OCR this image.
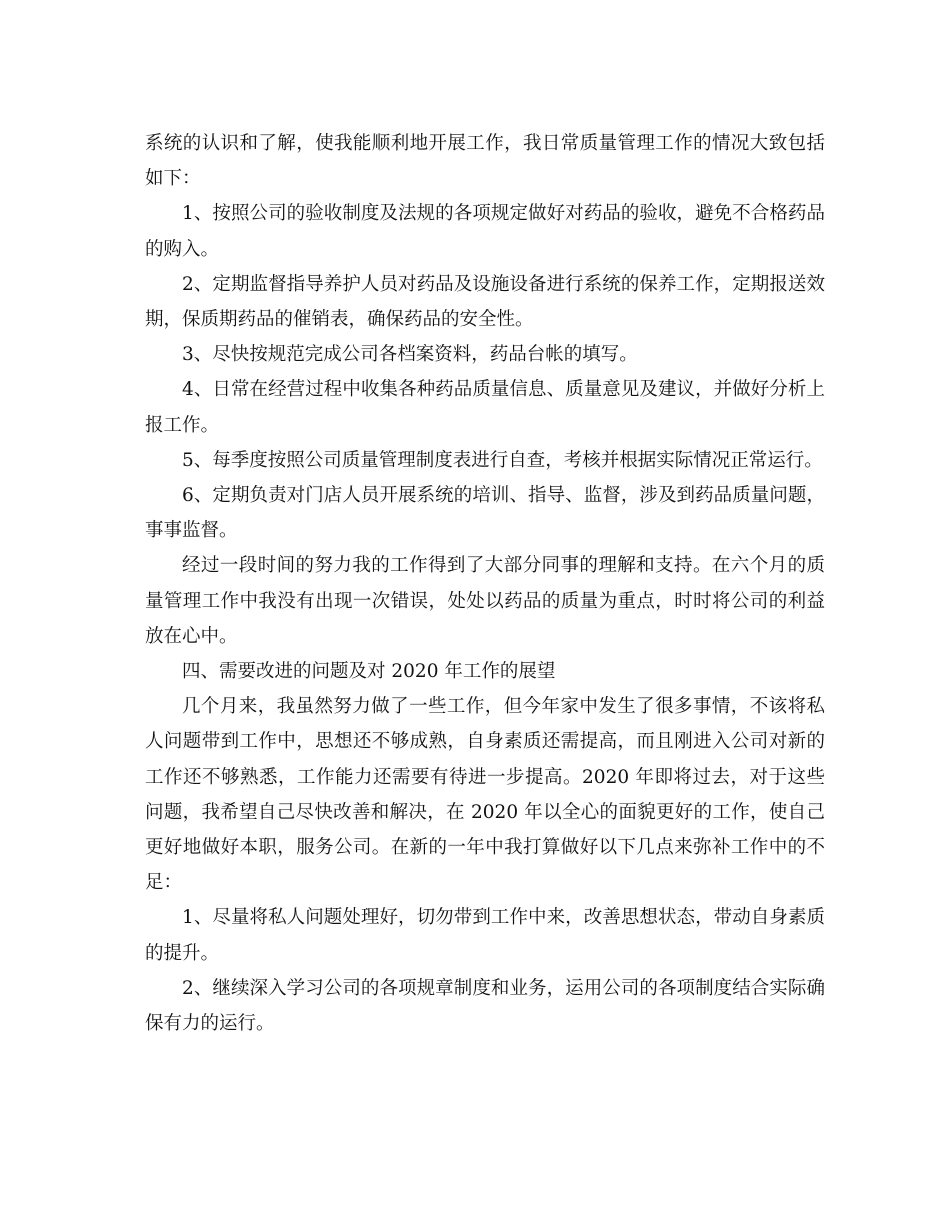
系统的认识和了解，使我能顺利地开展工作，我日常质量管理工作的情况大致包括如下：

1、按照公司的验收制度及法规的各项规定做好对药品的验收，避免不合格药品的购入。

2、定期监督指导养护人员对药品及设施设备进行系统的保养工作，定期报送效期，保质期药品的催销表，确保药品的安全性。

3、尽快按规范完成公司各档案资料，药品台帐的填写。

4、日常在经营过程中收集各种药品质量信息、质量意见及建议，并做好分析上报工作。

5、每季度按照公司质量管理制度表进行自查，考核并根据实际情况正常运行。

6、定期负责对门店人员开展系统的培训、指导、监督，涉及到药品质量问题，事事监督。

经过一段时间的努力我的工作得到了大部分同事的理解和支持。在六个月的质量管理工作中我没有出现一次错误，处处以药品的质量为重点，时时将公司的利益放在心中。

四、需要改进的问题及对 2020 年工作的展望

几个月来，我虽然努力做了一些工作，但今年家中发生了很多事情，不该将私人问题带到工作中，思想还不够成熟，自身素质还需提高，而且刚进入公司对新的工作还不够熟悉，工作能力还需要有待进一步提高。2020 年即将过去，对于这些问题，我希望自己尽快改善和解决，在 2020 年以全心的面貌更好的工作，使自己更好地做好本职，服务公司。在新的一年中我打算做好以下几点来弥补工作中的不足：

1、尽量将私人问题处理好，切勿带到工作中来，改善思想状态，带动自身素质的提升。

2、继续深入学习公司的各项规章制度和业务，运用公司的各项制度结合实际确保有力的运行。
